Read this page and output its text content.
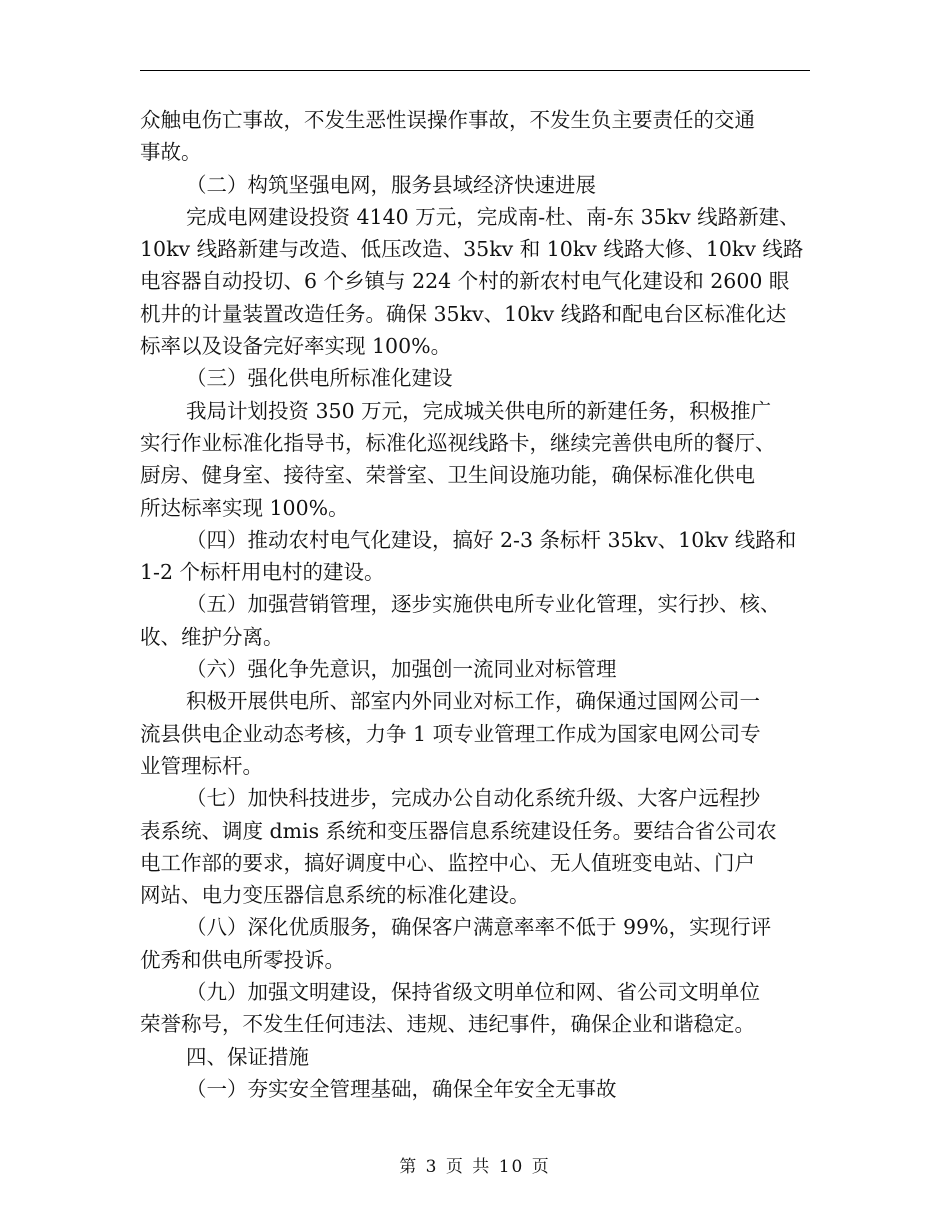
众触电伤亡事故，不发生恶性误操作事故，不发生负主要责任的交通
事故。
（二）构筑坚强电网，服务县域经济快速进展
完成电网建设投资 4140 万元，完成南-杜、南-东 35kv 线路新建、
10kv 线路新建与改造、低压改造、35kv 和 10kv 线路大修、10kv 线路
电容器自动投切、6 个乡镇与 224 个村的新农村电气化建设和 2600 眼
机井的计量装置改造任务。确保 35kv、10kv 线路和配电台区标准化达
标率以及设备完好率实现 100%。
（三）强化供电所标准化建设
我局计划投资 350 万元，完成城关供电所的新建任务，积极推广
实行作业标准化指导书，标准化巡视线路卡，继续完善供电所的餐厅、
厨房、健身室、接待室、荣誉室、卫生间设施功能，确保标准化供电
所达标率实现 100%。
（四）推动农村电气化建设，搞好 2-3 条标杆 35kv、10kv 线路和
1-2 个标杆用电村的建设。
（五）加强营销管理，逐步实施供电所专业化管理，实行抄、核、
收、维护分离。
（六）强化争先意识，加强创一流同业对标管理
积极开展供电所、部室内外同业对标工作，确保通过国网公司一
流县供电企业动态考核，力争 1 项专业管理工作成为国家电网公司专
业管理标杆。
（七）加快科技进步，完成办公自动化系统升级、大客户远程抄
表系统、调度 dmis 系统和变压器信息系统建设任务。要结合省公司农
电工作部的要求，搞好调度中心、监控中心、无人值班变电站、门户
网站、电力变压器信息系统的标准化建设。
（八）深化优质服务，确保客户满意率率不低于 99%，实现行评
优秀和供电所零投诉。
（九）加强文明建设，保持省级文明单位和网、省公司文明单位
荣誉称号，不发生任何违法、违规、违纪事件，确保企业和谐稳定。
四、保证措施
（一）夯实安全管理基础，确保全年安全无事故
第 3 页 共 10 页
